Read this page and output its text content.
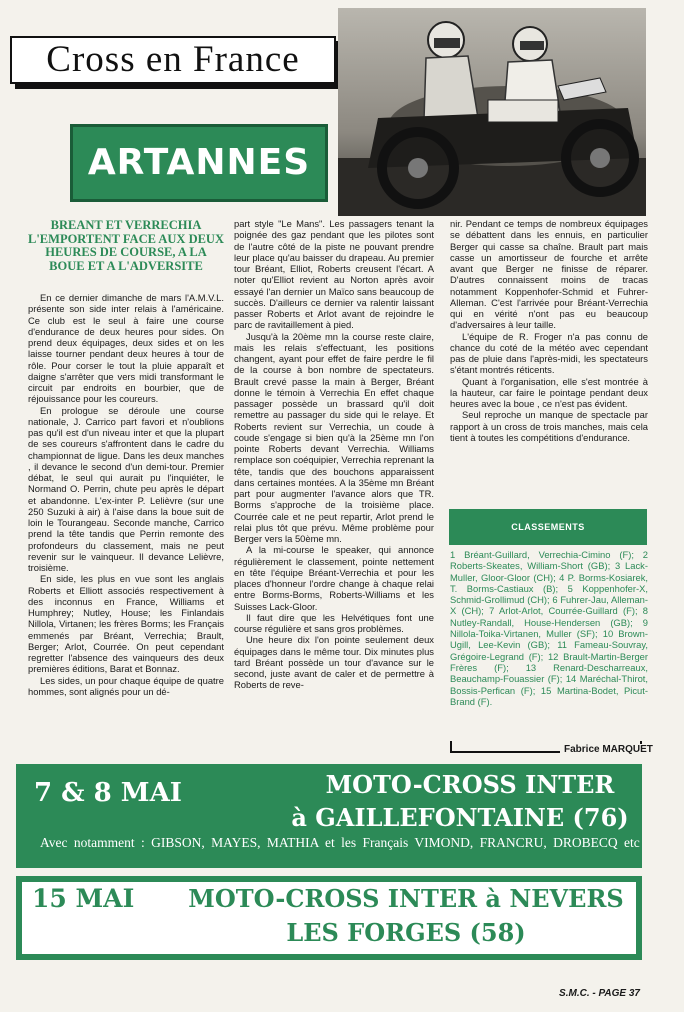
Cross en France
ARTANNES
BREANT ET VERRECHIA L'EMPORTENT FACE AUX DEUX HEURES DE COURSE, A LA BOUE ET A L'ADVERSITE

En ce dernier dimanche de mars l'A.M.V.L. présente son side inter relais à l'américaine. Ce club est le seul à faire une course d'endurance de deux heures pour sides. On prend deux équipages, deux sides et on les laisse tourner pendant deux heures à tour de rôle. Pour corser le tout la pluie apparaît et daigne s'arrêter que vers midi transformant le circuit par endroits en bourbier, que de réjouissance pour les coureurs.

En prologue se déroule une course nationale, J. Carrico part favori et n'oublions pas qu'il est d'un niveau inter et que la plupart de ses coureurs s'affrontent dans le cadre du championnat de ligue. Dans les deux manches , il devance le second d'un demi-tour. Premier débat, le seul qui aurait pu l'inquiéter, le Normand O. Perrin, chute peu après le départ et abandonne. L'ex-inter P. Lelièvre (sur une 250 Suzuki à air) à l'aise dans la boue suit de loin le Tourangeau. Seconde manche, Carrico prend la tête tandis que Perrin remonte des profondeurs du classement, mais ne peut revenir sur le vainqueur. Il devance Lelièvre, troisième.

En side, les plus en vue sont les anglais Roberts et Elliott associés respectivement à des inconnus en France, Williams et Humphrey; Nutley, House; les Finlandais Nillola, Virtanen; les frères Borms; les Français emmenés par Bréant, Verrechia; Brault, Berger; Arlot, Courrée. On peut cependant regretter l'absence des vainqueurs des deux premières éditions, Barat et Bonnaz.

Les sides, un pour chaque équipe de quatre hommes, sont alignés pour un dé-

part style "Le Mans". Les passagers tenant la poignée des gaz pendant que les pilotes sont de l'autre côté de la piste ne pouvant prendre leur place qu'au baisser du drapeau. Au premier tour Bréant, Elliot, Roberts creusent l'écart. A noter qu'Elliot revient au Norton après avoir essayé l'an dernier un Maïco sans beaucoup de succès. D'ailleurs ce dernier va ralentir laissant passer Roberts et Arlot avant de rejoindre le parc de ravitaillement à pied.

Jusqu'à la 20ème mn la course reste claire, mais les relais s'effectuant, les positions changent, ayant pour effet de faire perdre le fil de la course à bon nombre de spectateurs. Brault crevé passe la main à Berger, Bréant donne le témoin à Verrechia En effet chaque passager possède un brassard qu'il doit remettre au passager du side qui le relaye. Et Roberts revient sur Verrechia, un coude à coude s'engage si bien qu'à la 25ème mn l'on pointe Roberts devant Verrechia. Williams remplace son coéquipier, Verrechia reprenant la tête, tandis que des bouchons apparaissent dans certaines montées. A la 35ème mn Bréant part pour augmenter l'avance alors que TR. Borms s'approche de la troisième place. Courrée cale et ne peut repartir, Arlot prend le relai plus tôt que prévu. Même problème pour Berger vers la 50ème mn.

A la mi-course le speaker, qui annonce régulièrement le classement, pointe nettement en tête l'équipe Bréant-Verrechia et pour les places d'honneur l'ordre change à chaque relai entre Borms-Borms, Roberts-Williams et les Suisses Lack-Gloor.

Il faut dire que les Helvétiques font une course régulière et sans gros problèmes.

Une heure dix l'on pointe seulement deux équipages dans le même tour. Dix minutes plus tard Bréant possède un tour d'avance sur le second, juste avant de caler et de permettre à Roberts de reve-

nir. Pendant ce temps de nombreux équipages se débattent dans les ennuis, en particulier Berger qui casse sa chaîne. Brault part mais casse un amortisseur de fourche et arrête avant que Berger ne finisse de réparer. D'autres connaissent moins de tracas notamment Koppenhofer-Schmid et Fuhrer-Alleman. C'est l'arrivée pour Bréant-Verrechia qui en vérité n'ont pas eu beaucoup d'adversaires à leur taille.

L'équipe de R. Froger n'a pas connu de chance du coté de la météo avec cependant pas de pluie dans l'après-midi, les spectateurs s'étant montrés réticents.

Quant à l'organisation, elle s'est montrée à la hauteur, car faire le pointage pendant deux heures avec la boue , ce n'est pas évident.

Seul reproche un manque de spectacle par rapport à un cross de trois manches, mais cela tient à toutes les compétitions d'endurance.

CLASSEMENTS
1 Bréant-Guillard, Verrechia-Cimino (F); 2 Roberts-Skeates, William-Short (GB); 3 Lack-Muller, Gloor-Gloor (CH); 4 P. Borms-Kosiarek, T. Borms-Castiaux (B); 5 Koppenhofer-X, Schmid-Grollimud (CH); 6 Fuhrer-Jau, Alleman-X (CH); 7 Arlot-Arlot, Courrée-Guillard (F); 8 Nutley-Randall, House-Hendersen (GB); 9 Nillola-Toika-Virtanen, Muller (SF); 10 Brown-Ugill, Lee-Kevin (GB); 11 Fameau-Souvray, Grégoire-Legrand (F); 12 Brault-Martin-Berger Frères (F); 13 Renard-Descharreaux, Beauchamp-Fouassier (F); 14 Maréchal-Thirot, Bossis-Perfican (F); 15 Martina-Bodet, Picut-Brand (F).
Fabrice MARQUET
7 & 8 MAI	MOTO-CROSS INTER
à GAILLEFONTAINE (76)
Avec notamment : GIBSON, MAYES, MATHIA et les Français VIMOND, FRANCRU, DROBECQ etc
15 MAI MOTO-CROSS INTER à NEVERS
LES FORGES (58)
S.M.C. - PAGE 37
